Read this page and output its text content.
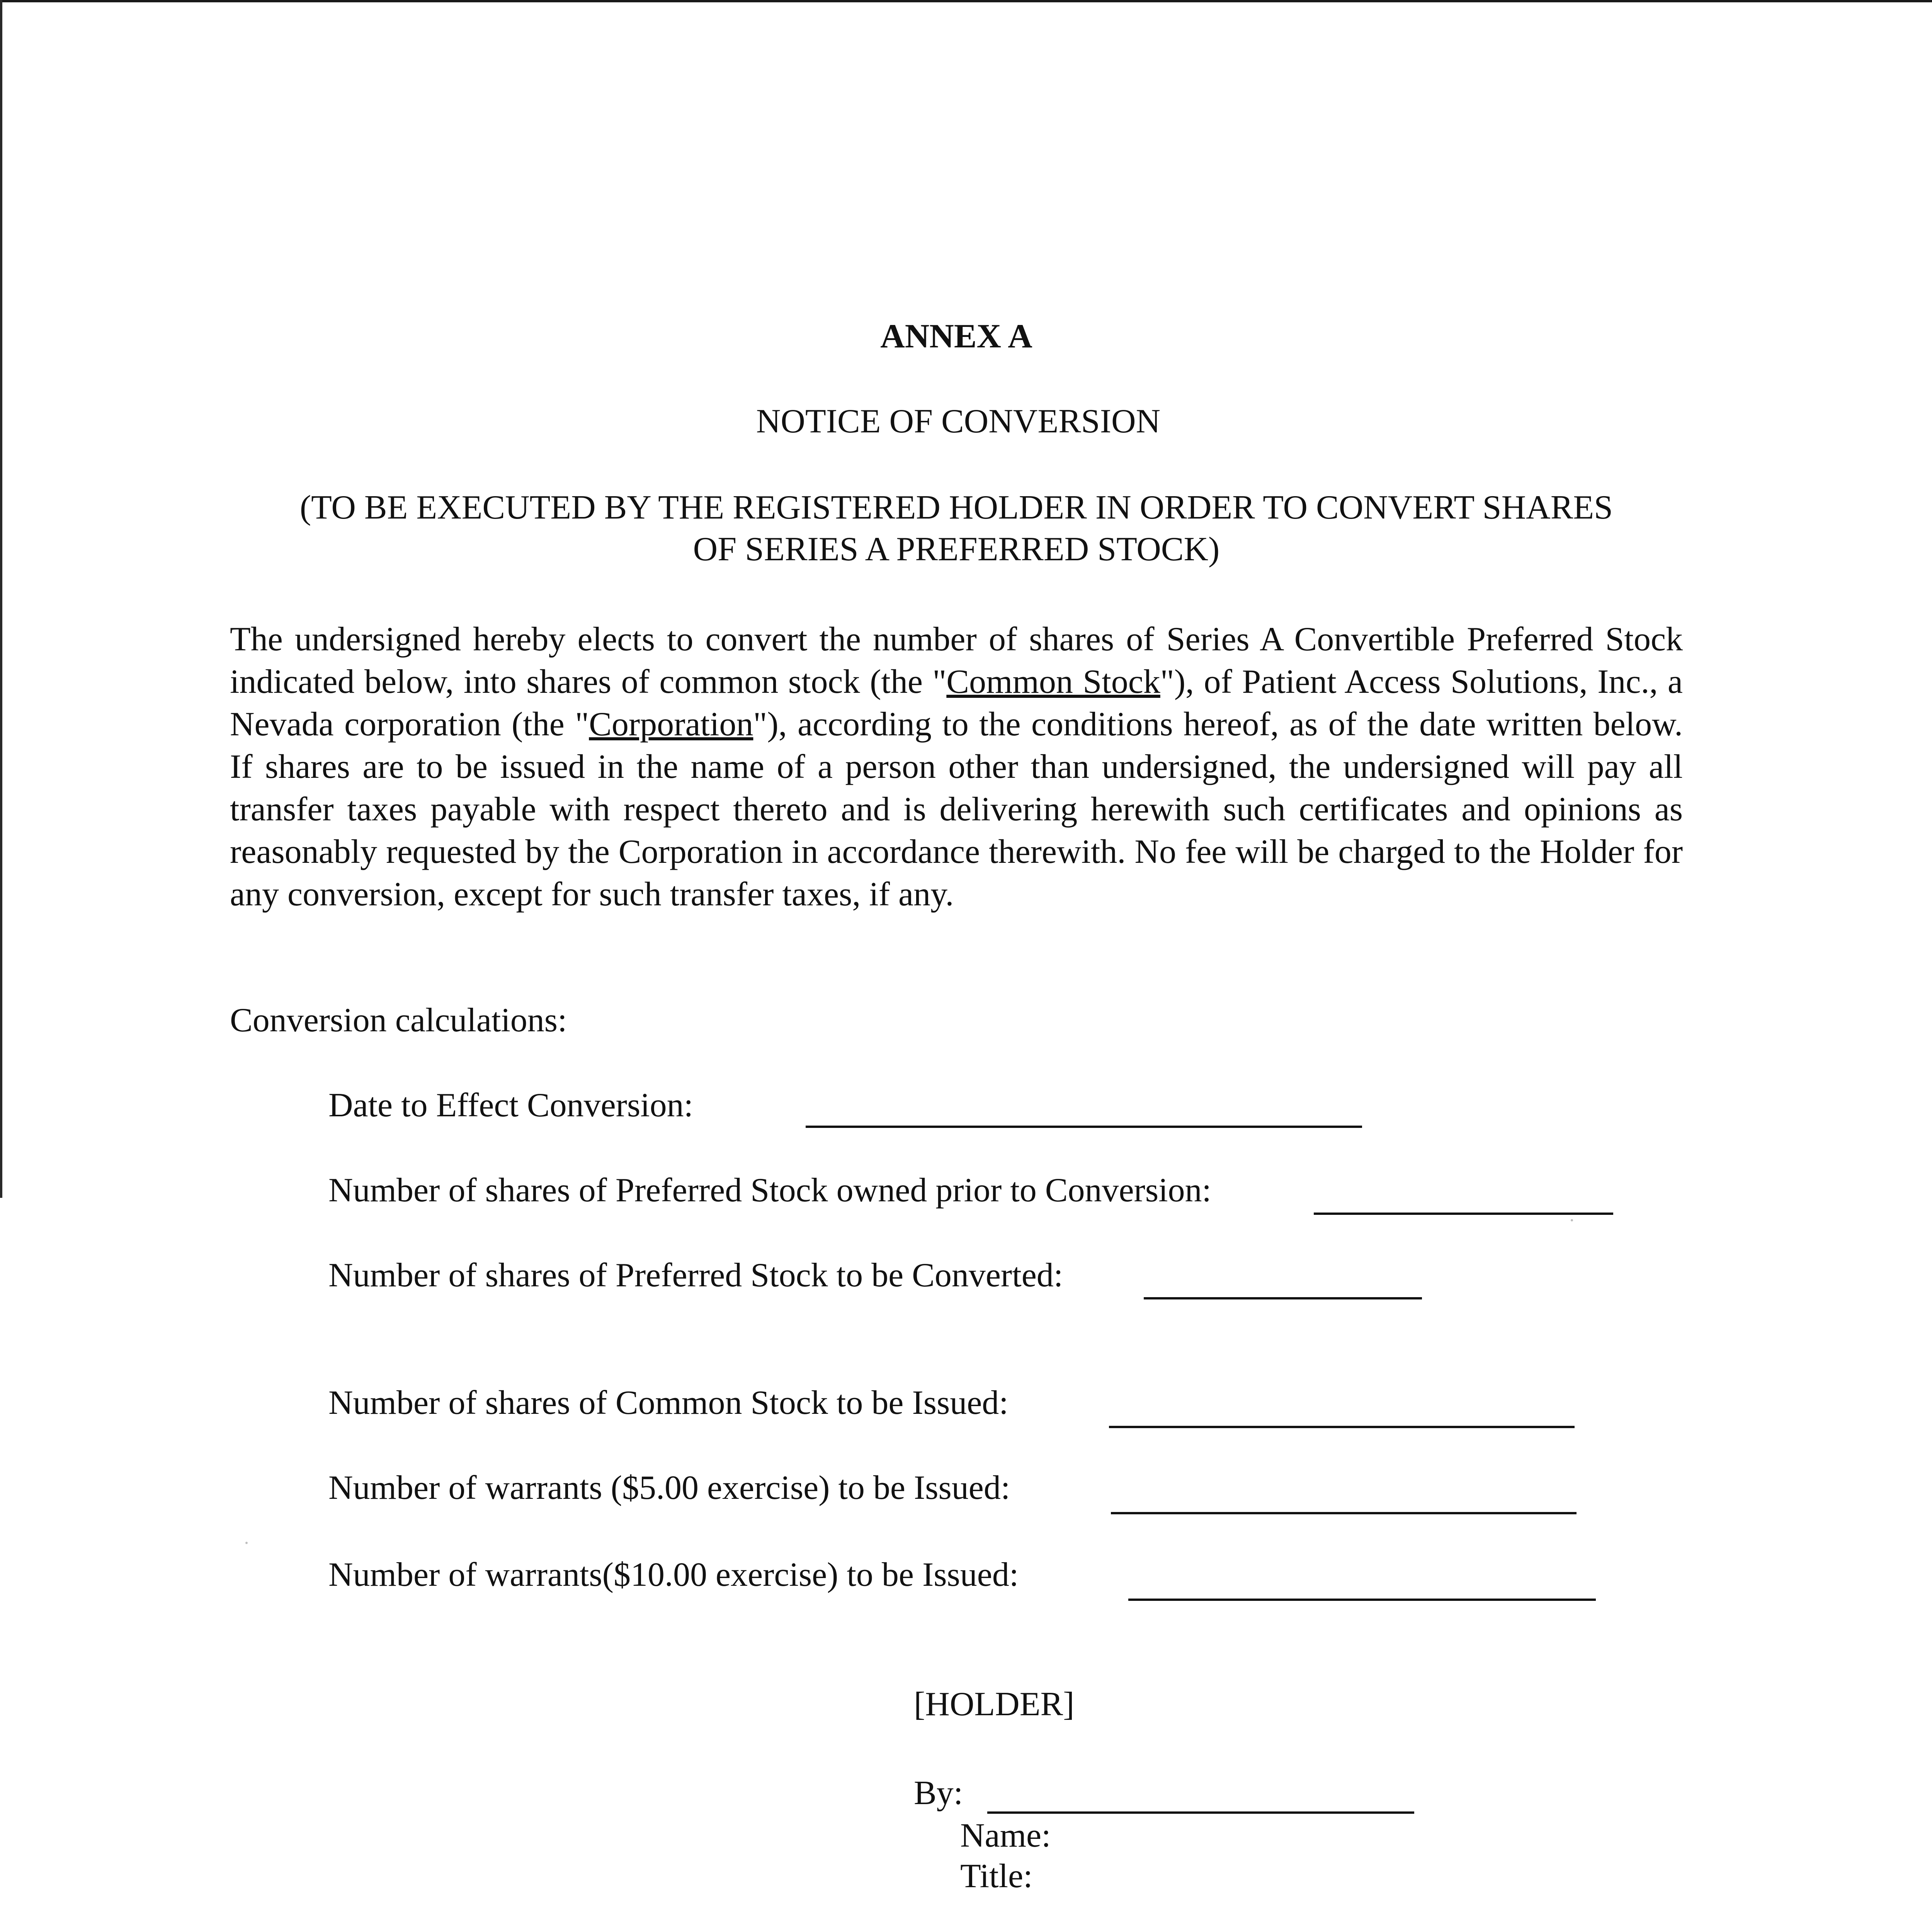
ANNEX A
NOTICE OF CONVERSION
(TO BE EXECUTED BY THE REGISTERED HOLDER IN ORDER TO CONVERT SHARES
OF SERIES A PREFERRED STOCK)
The undersigned hereby elects to convert the number of shares of Series A Convertible Preferred Stock indicated below, into shares of common stock (the "Common Stock"), of Patient Access Solutions, Inc., a Nevada corporation (the "Corporation"), according to the conditions hereof, as of the date written below. If shares are to be issued in the name of a person other than undersigned, the undersigned will pay all transfer taxes payable with respect thereto and is delivering herewith such certificates and opinions as reasonably requested by the Corporation in accordance therewith. No fee will be charged to the Holder for any conversion, except for such transfer taxes, if any.
Conversion calculations:
Date to Effect Conversion:
Number of shares of Preferred Stock owned prior to Conversion:
Number of shares of Preferred Stock to be Converted:
Number of shares of Common Stock to be Issued:
Number of warrants ($5.00 exercise) to be Issued:
Number of warrants($10.00 exercise) to be Issued:
[HOLDER]
By:
Name:
Title:
